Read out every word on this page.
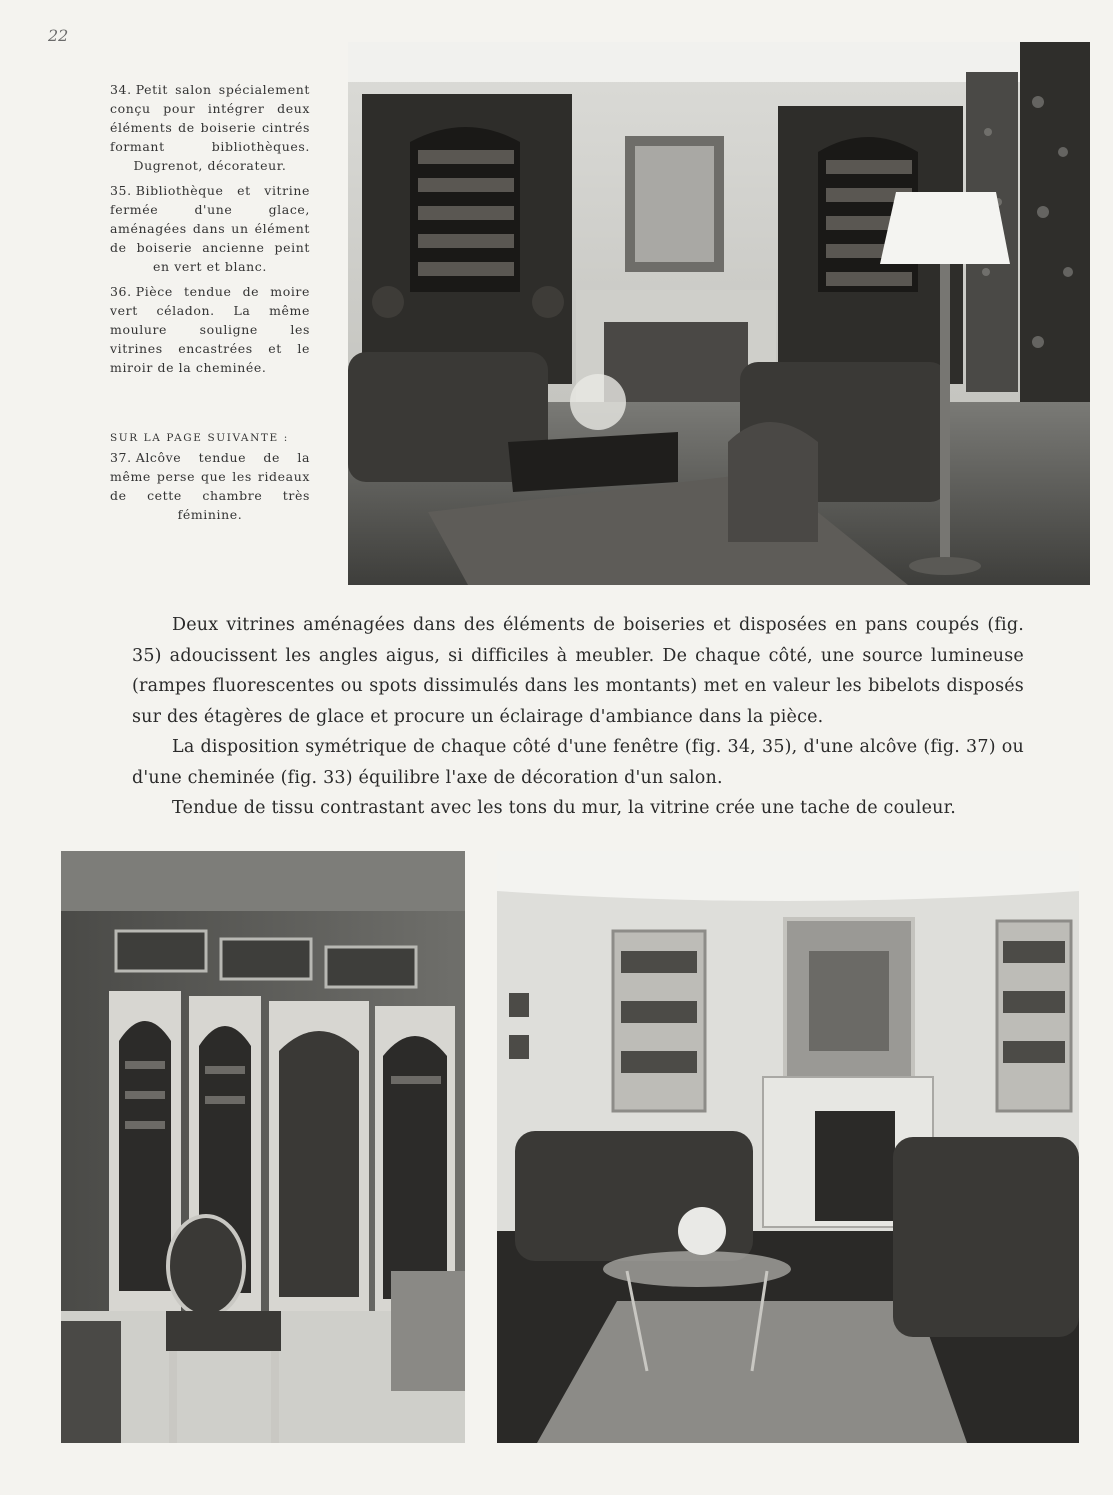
22

34. Petit salon spécialement conçu pour intégrer deux éléments de boiserie cintrés formant bibliothèques. Dugrenot, décorateur.

35. Bibliothèque et vitrine fermée d'une glace, aménagées dans un élément de boiserie ancienne peint en vert et blanc.

36. Pièce tendue de moire vert céladon. La même moulure souligne les vitrines encastrées et le miroir de la cheminée.

SUR LA PAGE SUIVANTE :

37. Alcôve tendue de la même perse que les rideaux de cette chambre très féminine.

Deux vitrines aménagées dans des éléments de boiseries et disposées en pans coupés (fig. 35) adoucissent les angles aigus, si difficiles à meubler. De chaque côté, une source lumineuse (rampes fluorescentes ou spots dissimulés dans les montants) met en valeur les bibelots disposés sur des étagères de glace et procure un éclairage d'ambiance dans la pièce.

La disposition symétrique de chaque côté d'une fenêtre (fig. 34, 35), d'une alcôve (fig. 37) ou d'une cheminée (fig. 33) équilibre l'axe de décoration d'un salon.

Tendue de tissu contrastant avec les tons du mur, la vitrine crée une tache de couleur.
